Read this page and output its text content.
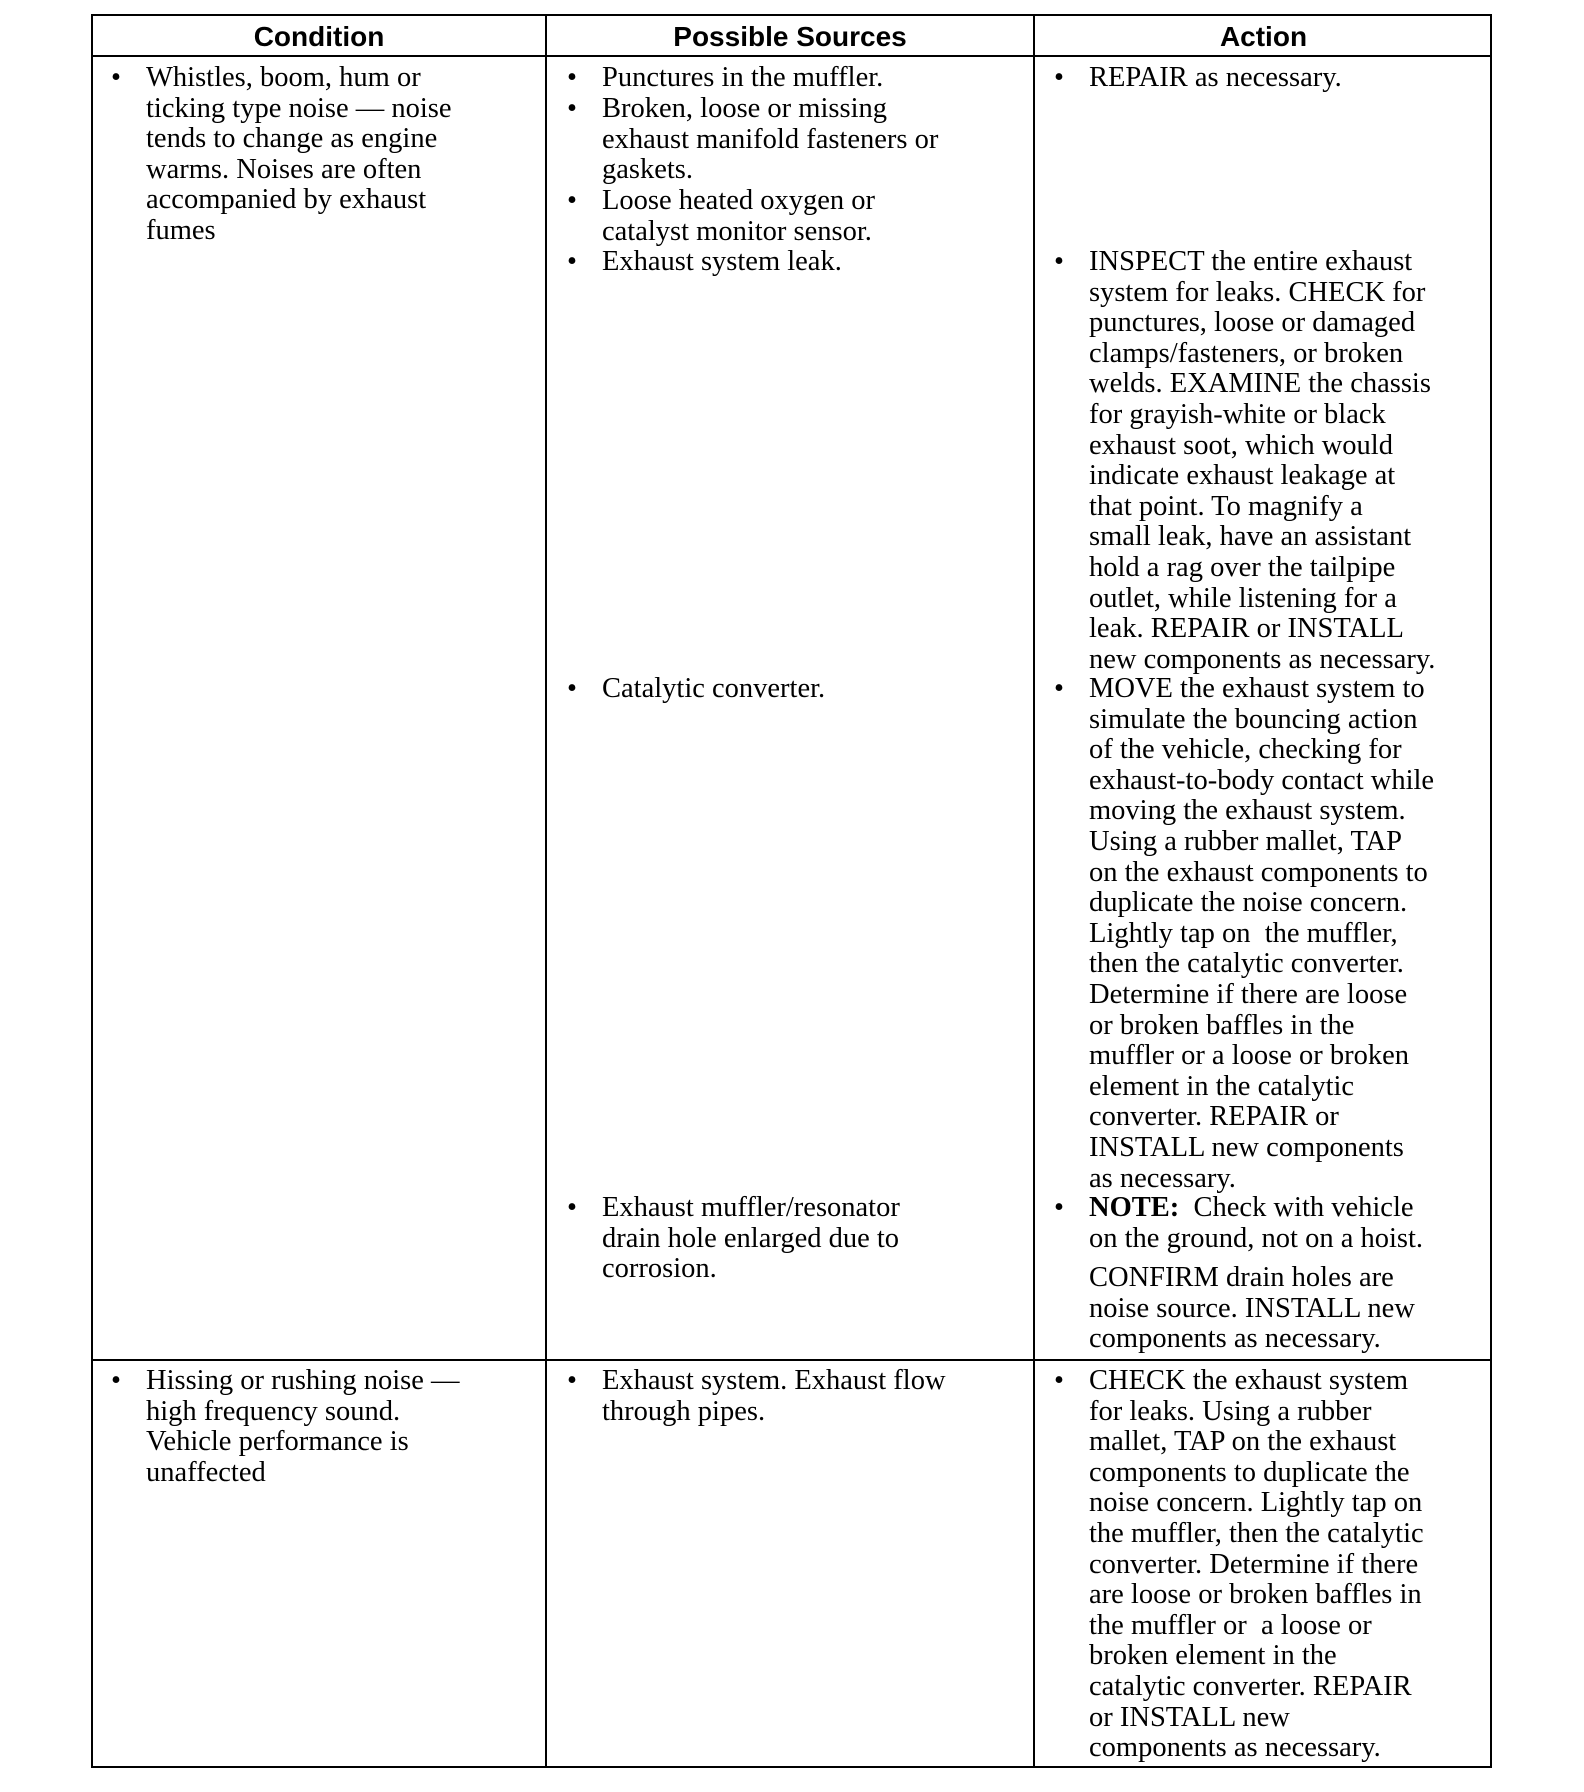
Condition	Possible Sources	Action
• Whistles, boom, hum or
ticking type noise — noise
tends to change as engine
warms. Noises are often
accompanied by exhaust
fumes
• Punctures in the muffler.
• Broken, loose or missing
exhaust manifold fasteners or
gaskets.
• Loose heated oxygen or
catalyst monitor sensor.
• Exhaust system leak.
• Catalytic converter.
• Exhaust muffler/resonator
drain hole enlarged due to
corrosion.
• REPAIR as necessary.
• INSPECT the entire exhaust
system for leaks. CHECK for
punctures, loose or damaged
clamps/fasteners, or broken
welds. EXAMINE the chassis
for grayish-white or black
exhaust soot, which would
indicate exhaust leakage at
that point. To magnify a
small leak, have an assistant
hold a rag over the tailpipe
outlet, while listening for a
leak. REPAIR or INSTALL
new components as necessary.
• MOVE the exhaust system to
simulate the bouncing action
of the vehicle, checking for
exhaust-to-body contact while
moving the exhaust system.
Using a rubber mallet, TAP
on the exhaust components to
duplicate the noise concern.
Lightly tap on  the muffler,
then the catalytic converter.
Determine if there are loose
or broken baffles in the
muffler or a loose or broken
element in the catalytic
converter. REPAIR or
INSTALL new components
as necessary.
• NOTE:  Check with vehicle
on the ground, not on a hoist.
CONFIRM drain holes are
noise source. INSTALL new
components as necessary.
• Hissing or rushing noise —
high frequency sound.
Vehicle performance is
unaffected
• Exhaust system. Exhaust flow
through pipes.
• CHECK the exhaust system
for leaks. Using a rubber
mallet, TAP on the exhaust
components to duplicate the
noise concern. Lightly tap on
the muffler, then the catalytic
converter. Determine if there
are loose or broken baffles in
the muffler or  a loose or
broken element in the
catalytic converter. REPAIR
or INSTALL new
components as necessary.
